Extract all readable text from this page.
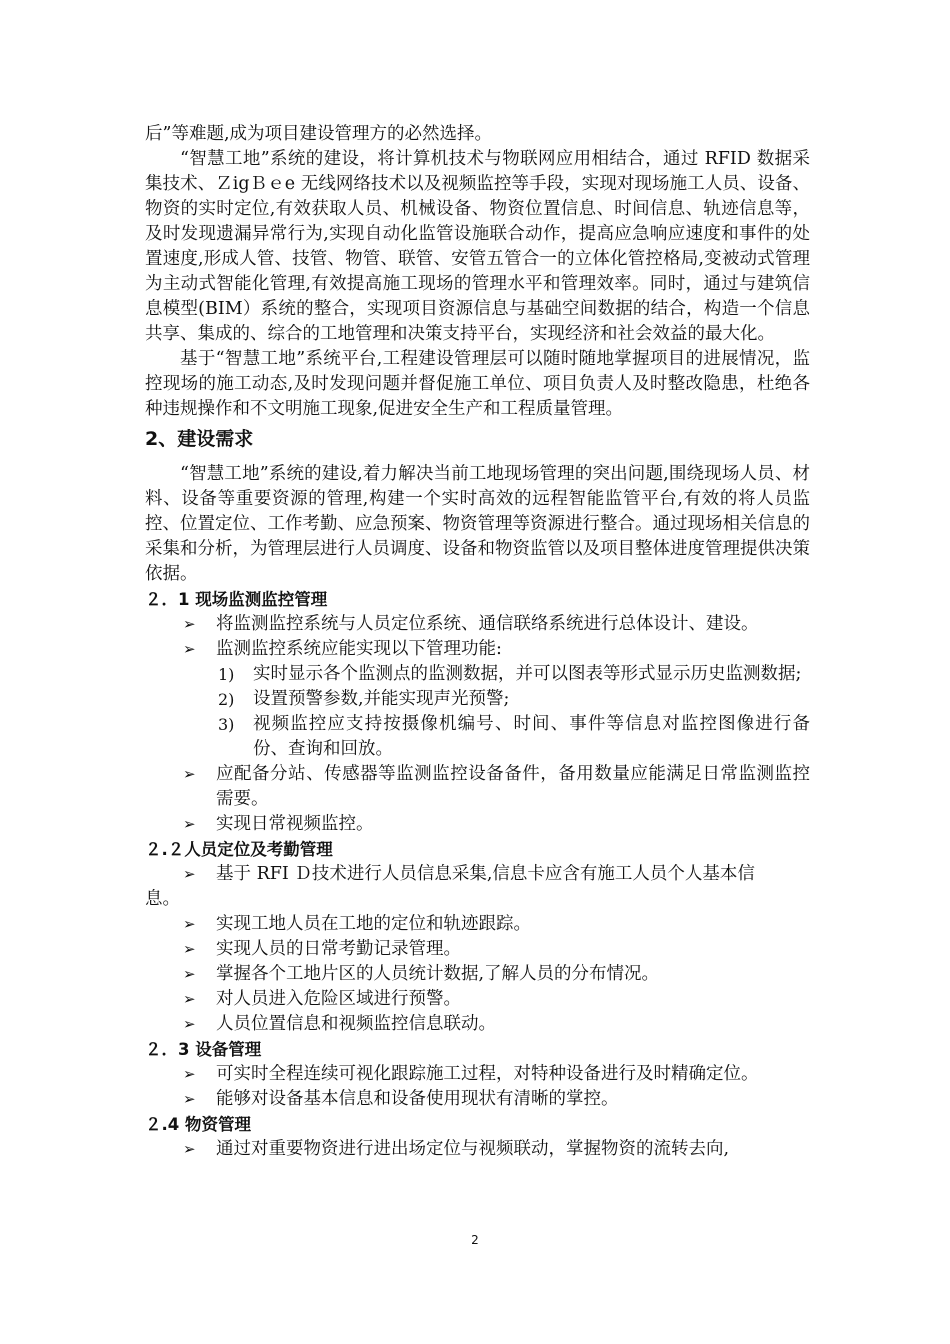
后”等难题,成为项目建设管理方的必然选择。

“智慧工地”系统的建设，将计算机技术与物联网应用相结合，通过 RFID 数据采集技术、ＺigＢｅe 无线网络技术以及视频监控等手段，实现对现场施工人员、设备、物资的实时定位,有效获取人员、机械设备、物资位置信息、时间信息、轨迹信息等，及时发现遗漏异常行为,实现自动化监管设施联合动作，提高应急响应速度和事件的处置速度,形成人管、技管、物管、联管、安管五管合一的立体化管控格局,变被动式管理为主动式智能化管理,有效提高施工现场的管理水平和管理效率。同时，通过与建筑信息模型(BIM）系统的整合，实现项目资源信息与基础空间数据的结合，构造一个信息共享、集成的、综合的工地管理和决策支持平台，实现经济和社会效益的最大化。

基于“智慧工地”系统平台,工程建设管理层可以随时随地掌握项目的进展情况，监控现场的施工动态,及时发现问题并督促施工单位、项目负责人及时整改隐患，杜绝各种违规操作和不文明施工现象,促进安全生产和工程质量管理。

2、建设需求

“智慧工地”系统的建设,着力解决当前工地现场管理的突出问题,围绕现场人员、材料、设备等重要资源的管理,构建一个实时高效的远程智能监管平台,有效的将人员监控、位置定位、工作考勤、应急预案、物资管理等资源进行整合。通过现场相关信息的采集和分析，为管理层进行人员调度、设备和物资监管以及项目整体进度管理提供决策依据。

２．1 现场监测监控管理
➢	将监测监控系统与人员定位系统、通信联络系统进行总体设计、建设。

➢	监测监控系统应能实现以下管理功能:

1)	实时显示各个监测点的监测数据，并可以图表等形式显示历史监测数据;

2)	设置预警参数,并能实现声光预警;

3)	视频监控应支持按摄像机编号、时间、事件等信息对监控图像进行备份、查询和回放。

➢	应配备分站、传感器等监测监控设备备件，备用数量应能满足日常监测监控需要。

➢	实现日常视频监控。

２.２人员定位及考勤管理
➢	基于 RFI Ｄ技术进行人员信息采集,信息卡应含有施工人员个人基本信

息。

➢	实现工地人员在工地的定位和轨迹跟踪。

➢	实现人员的日常考勤记录管理。

➢	掌握各个工地片区的人员统计数据,了解人员的分布情况。

➢	对人员进入危险区域进行预警。

➢	人员位置信息和视频监控信息联动。

２．3 设备管理
➢	可实时全程连续可视化跟踪施工过程，对特种设备进行及时精确定位。

➢	能够对设备基本信息和设备使用现状有清晰的掌控。

２.4 物资管理
➢	通过对重要物资进行进出场定位与视频联动，掌握物资的流转去向,

2
